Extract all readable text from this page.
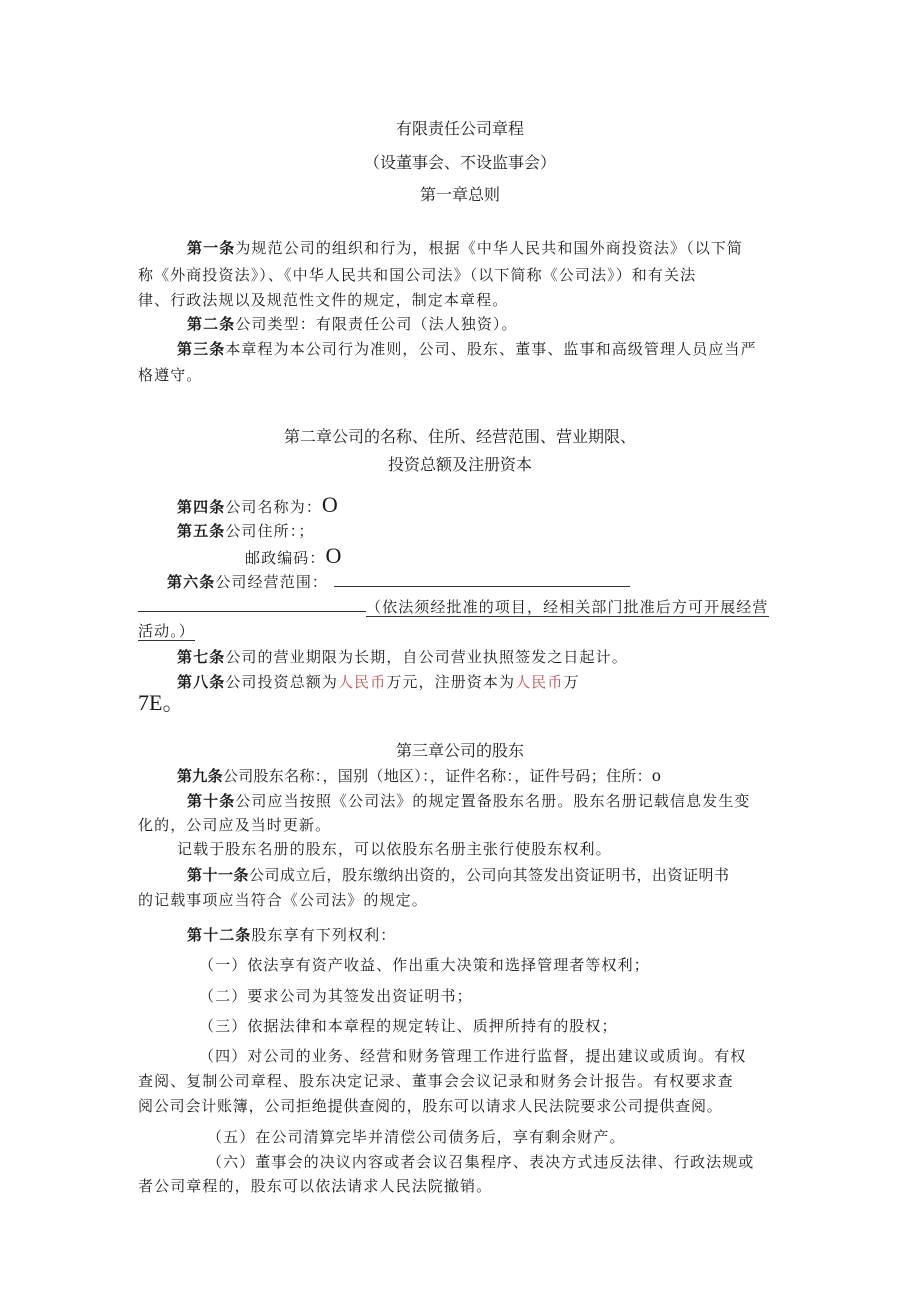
有限责任公司章程
（设董事会、不设监事会）
第一章总则
第一条为规范公司的组织和行为，根据《中华人民共和国外商投资法》（以下简
称《外商投资法》）、《中华人民共和国公司法》（以下简称《公司法》）和有关法
律、行政法规以及规范性文件的规定，制定本章程。
第二条公司类型：有限责任公司（法人独资）。
第三条本章程为本公司行为准则，公司、股东、董事、监事和高级管理人员应当严
格遵守。
第二章公司的名称、住所、经营范围、营业期限、
投资总额及注册资本
第四条公司名称为：O
第五条公司住所：；
邮政编码：O
第六条公司经营范围：
（依法须经批准的项目，经相关部门批准后方可开展经营
活动。）
第七条公司的营业期限为长期，自公司营业执照签发之日起计。
第八条公司投资总额为人民币万元，注册资本为人民币万
7E。
第三章公司的股东
第九条公司股东名称：，国别（地区）：，证件名称：，证件号码；住所：o
第十条公司应当按照《公司法》的规定置备股东名册。股东名册记载信息发生变
化的，公司应及当时更新。
记载于股东名册的股东，可以依股东名册主张行使股东权利。
第十一条公司成立后，股东缴纳出资的，公司向其签发出资证明书，出资证明书
的记载事项应当符合《公司法》的规定。
第十二条股东享有下列权利：
（一）依法享有资产收益、作出重大决策和选择管理者等权利；
（二）要求公司为其签发出资证明书；
（三）依据法律和本章程的规定转让、质押所持有的股权；
（四）对公司的业务、经营和财务管理工作进行监督，提出建议或质询。有权
查阅、复制公司章程、股东决定记录、董事会会议记录和财务会计报告。有权要求查
阅公司会计账簿，公司拒绝提供查阅的，股东可以请求人民法院要求公司提供查阅。
（五）在公司清算完毕并清偿公司债务后，享有剩余财产。
（六）董事会的决议内容或者会议召集程序、表决方式违反法律、行政法规或
者公司章程的，股东可以依法请求人民法院撤销。
